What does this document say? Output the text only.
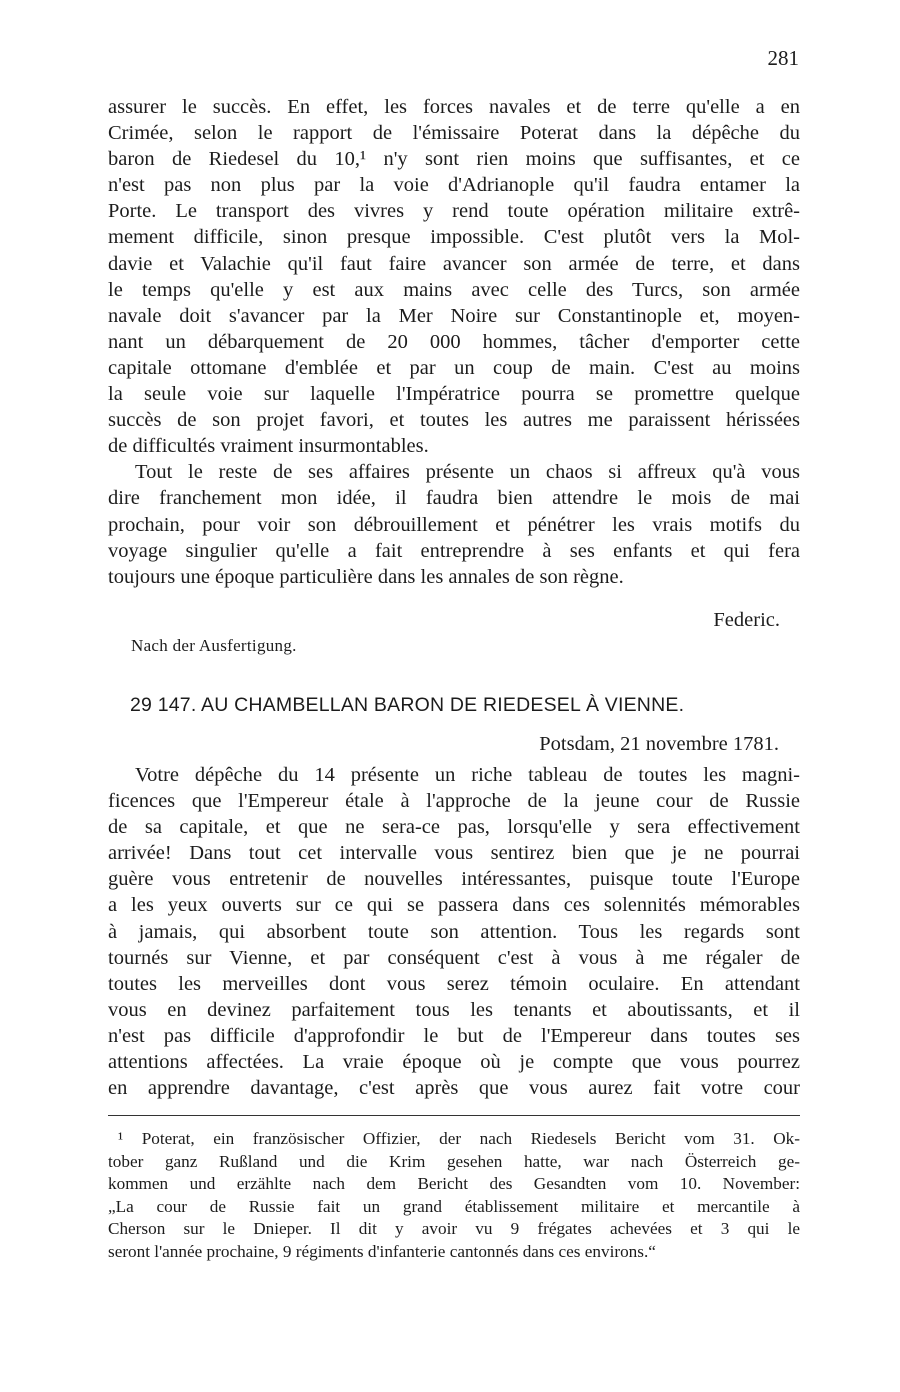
281
assurer le succès. En effet, les forces navales et de terre qu'elle a en
Crimée, selon le rapport de l'émissaire Poterat dans la dépêche du
baron de Riedesel du 10,¹ n'y sont rien moins que suffisantes, et ce
n'est pas non plus par la voie d'Adrianople qu'il faudra entamer la
Porte. Le transport des vivres y rend toute opération militaire extrê-
mement difficile, sinon presque impossible. C'est plutôt vers la Mol-
davie et Valachie qu'il faut faire avancer son armée de terre, et dans
le temps qu'elle y est aux mains avec celle des Turcs, son armée
navale doit s'avancer par la Mer Noire sur Constantinople et, moyen-
nant un débarquement de 20 000 hommes, tâcher d'emporter cette
capitale ottomane d'emblée et par un coup de main. C'est au moins
la seule voie sur laquelle l'Impératrice pourra se promettre quelque
succès de son projet favori, et toutes les autres me paraissent hérissées
de difficultés vraiment insurmontables.
Tout le reste de ses affaires présente un chaos si affreux qu'à vous
dire franchement mon idée, il faudra bien attendre le mois de mai
prochain, pour voir son débrouillement et pénétrer les vrais motifs du
voyage singulier qu'elle a fait entreprendre à ses enfants et qui fera
toujours une époque particulière dans les annales de son règne.
Federic.
Nach der Ausfertigung.
29 147. AU CHAMBELLAN BARON DE RIEDESEL À VIENNE.
Potsdam, 21 novembre 1781.
Votre dépêche du 14 présente un riche tableau de toutes les magni-
ficences que l'Empereur étale à l'approche de la jeune cour de Russie
de sa capitale, et que ne sera-ce pas, lorsqu'elle y sera effectivement
arrivée! Dans tout cet intervalle vous sentirez bien que je ne pourrai
guère vous entretenir de nouvelles intéressantes, puisque toute l'Europe
a les yeux ouverts sur ce qui se passera dans ces solennités mémorables
à jamais, qui absorbent toute son attention. Tous les regards sont
tournés sur Vienne, et par conséquent c'est à vous à me régaler de
toutes les merveilles dont vous serez témoin oculaire. En attendant
vous en devinez parfaitement tous les tenants et aboutissants, et il
n'est pas difficile d'approfondir le but de l'Empereur dans toutes ses
attentions affectées. La vraie époque où je compte que vous pourrez
en apprendre davantage, c'est après que vous aurez fait votre cour
¹ Poterat, ein französischer Offizier, der nach Riedesels Bericht vom 31. Ok-
tober ganz Rußland und die Krim gesehen hatte, war nach Österreich ge-
kommen und erzählte nach dem Bericht des Gesandten vom 10. November:
„La cour de Russie fait un grand établissement militaire et mercantile à
Cherson sur le Dnieper. Il dit y avoir vu 9 frégates achevées et 3 qui le
seront l'année prochaine, 9 régiments d'infanterie cantonnés dans ces environs.“
